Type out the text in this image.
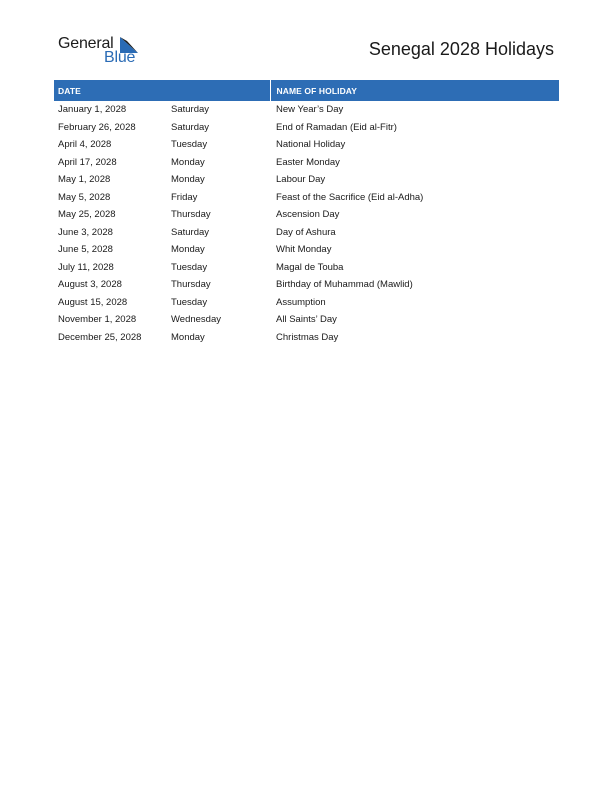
General
Blue	Senegal 2028 Holidays
DATE		NAME OF HOLIDAY
January 1, 2028	Saturday	New Year’s Day
February 26, 2028	Saturday	End of Ramadan (Eid al-Fitr)
April 4, 2028	Tuesday	National Holiday
April 17, 2028	Monday	Easter Monday
May 1, 2028	Monday	Labour Day
May 5, 2028	Friday	Feast of the Sacrifice (Eid al-Adha)
May 25, 2028	Thursday	Ascension Day
June 3, 2028	Saturday	Day of Ashura
June 5, 2028	Monday	Whit Monday
July 11, 2028	Tuesday	Magal de Touba
August 3, 2028	Thursday	Birthday of Muhammad (Mawlid)
August 15, 2028	Tuesday	Assumption
November 1, 2028	Wednesday	All Saints’ Day
December 25, 2028	Monday	Christmas Day
